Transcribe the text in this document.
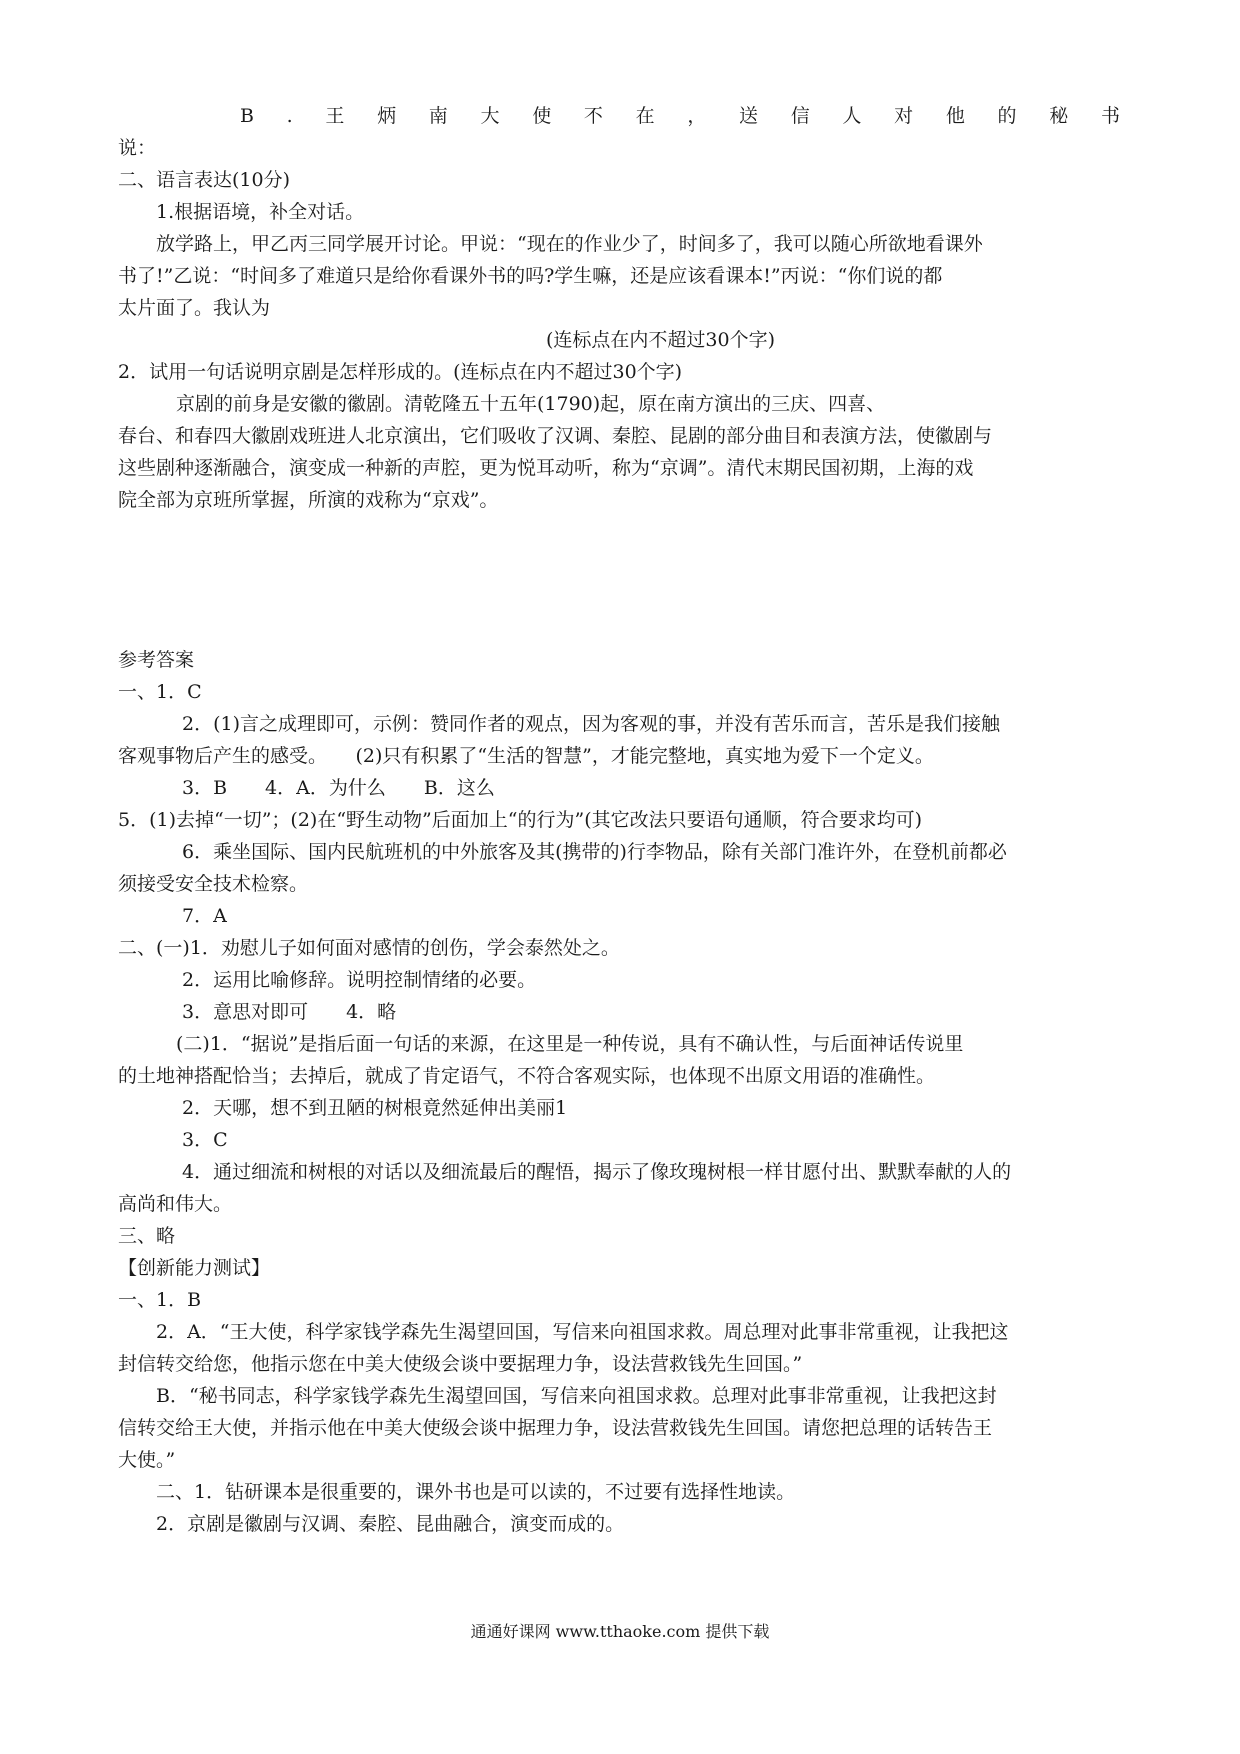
B . 王 炳 南 大 使 不 在 ， 送 信 人 对 他 的 秘 书
说：
二、语言表达(10分)
1.根据语境，补全对话。
放学路上，甲乙丙三同学展开讨论。甲说：“现在的作业少了，时间多了，我可以随心所欲地看课外
书了!”乙说：“时间多了难道只是给你看课外书的吗?学生嘛，还是应该看课本!”丙说：“你们说的都
太片面了。我认为
(连标点在内不超过30个字)
2．试用一句话说明京剧是怎样形成的。(连标点在内不超过30个字)
京剧的前身是安徽的徽剧。清乾隆五十五年(1790)起，原在南方演出的三庆、四喜、
春台、和春四大徽剧戏班进人北京演出，它们吸收了汉调、秦腔、昆剧的部分曲目和表演方法，使徽剧与
这些剧种逐渐融合，演变成一种新的声腔，更为悦耳动听，称为“京调”。清代末期民国初期，上海的戏
院全部为京班所掌握，所演的戏称为“京戏”。
参考答案
一、1．C
2．(1)言之成理即可，示例：赞同作者的观点，因为客观的事，并没有苦乐而言，苦乐是我们接触
客观事物后产生的感受。　　(2)只有积累了“生活的智慧”，才能完整地，真实地为爱下一个定义。
3．B　　4．A．为什么　　B．这么
5．(1)去掉“一切”；(2)在“野生动物”后面加上“的行为”(其它改法只要语句通顺，符合要求均可)
6．乘坐国际、国内民航班机的中外旅客及其(携带的)行李物品，除有关部门准许外，在登机前都必
须接受安全技术检察。
7．A
二、(一)1．劝慰儿子如何面对感情的创伤，学会泰然处之。
2．运用比喻修辞。说明控制情绪的必要。
3．意思对即可　　4．略
(二)1．“据说”是指后面一句话的来源，在这里是一种传说，具有不确认性，与后面神话传说里
的土地神搭配恰当；去掉后，就成了肯定语气，不符合客观实际，也体现不出原文用语的准确性。
2．天哪，想不到丑陋的树根竟然延伸出美丽1
3．C
4．通过细流和树根的对话以及细流最后的醒悟，揭示了像玫瑰树根一样甘愿付出、默默奉献的人的
高尚和伟大。
三、略
【创新能力测试】
一、1．B
2．A．“王大使，科学家钱学森先生渴望回国，写信来向祖国求救。周总理对此事非常重视，让我把这
封信转交给您，他指示您在中美大使级会谈中要据理力争，设法营救钱先生回国。”
B．“秘书同志，科学家钱学森先生渴望回国，写信来向祖国求救。总理对此事非常重视，让我把这封
信转交给王大使，并指示他在中美大使级会谈中据理力争，设法营救钱先生回国。请您把总理的话转告王
大使。”
二、1．钻研课本是很重要的，课外书也是可以读的，不过要有选择性地读。
2．京剧是徽剧与汉调、秦腔、昆曲融合，演变而成的。
通通好课网 www.tthaoke.com 提供下载
